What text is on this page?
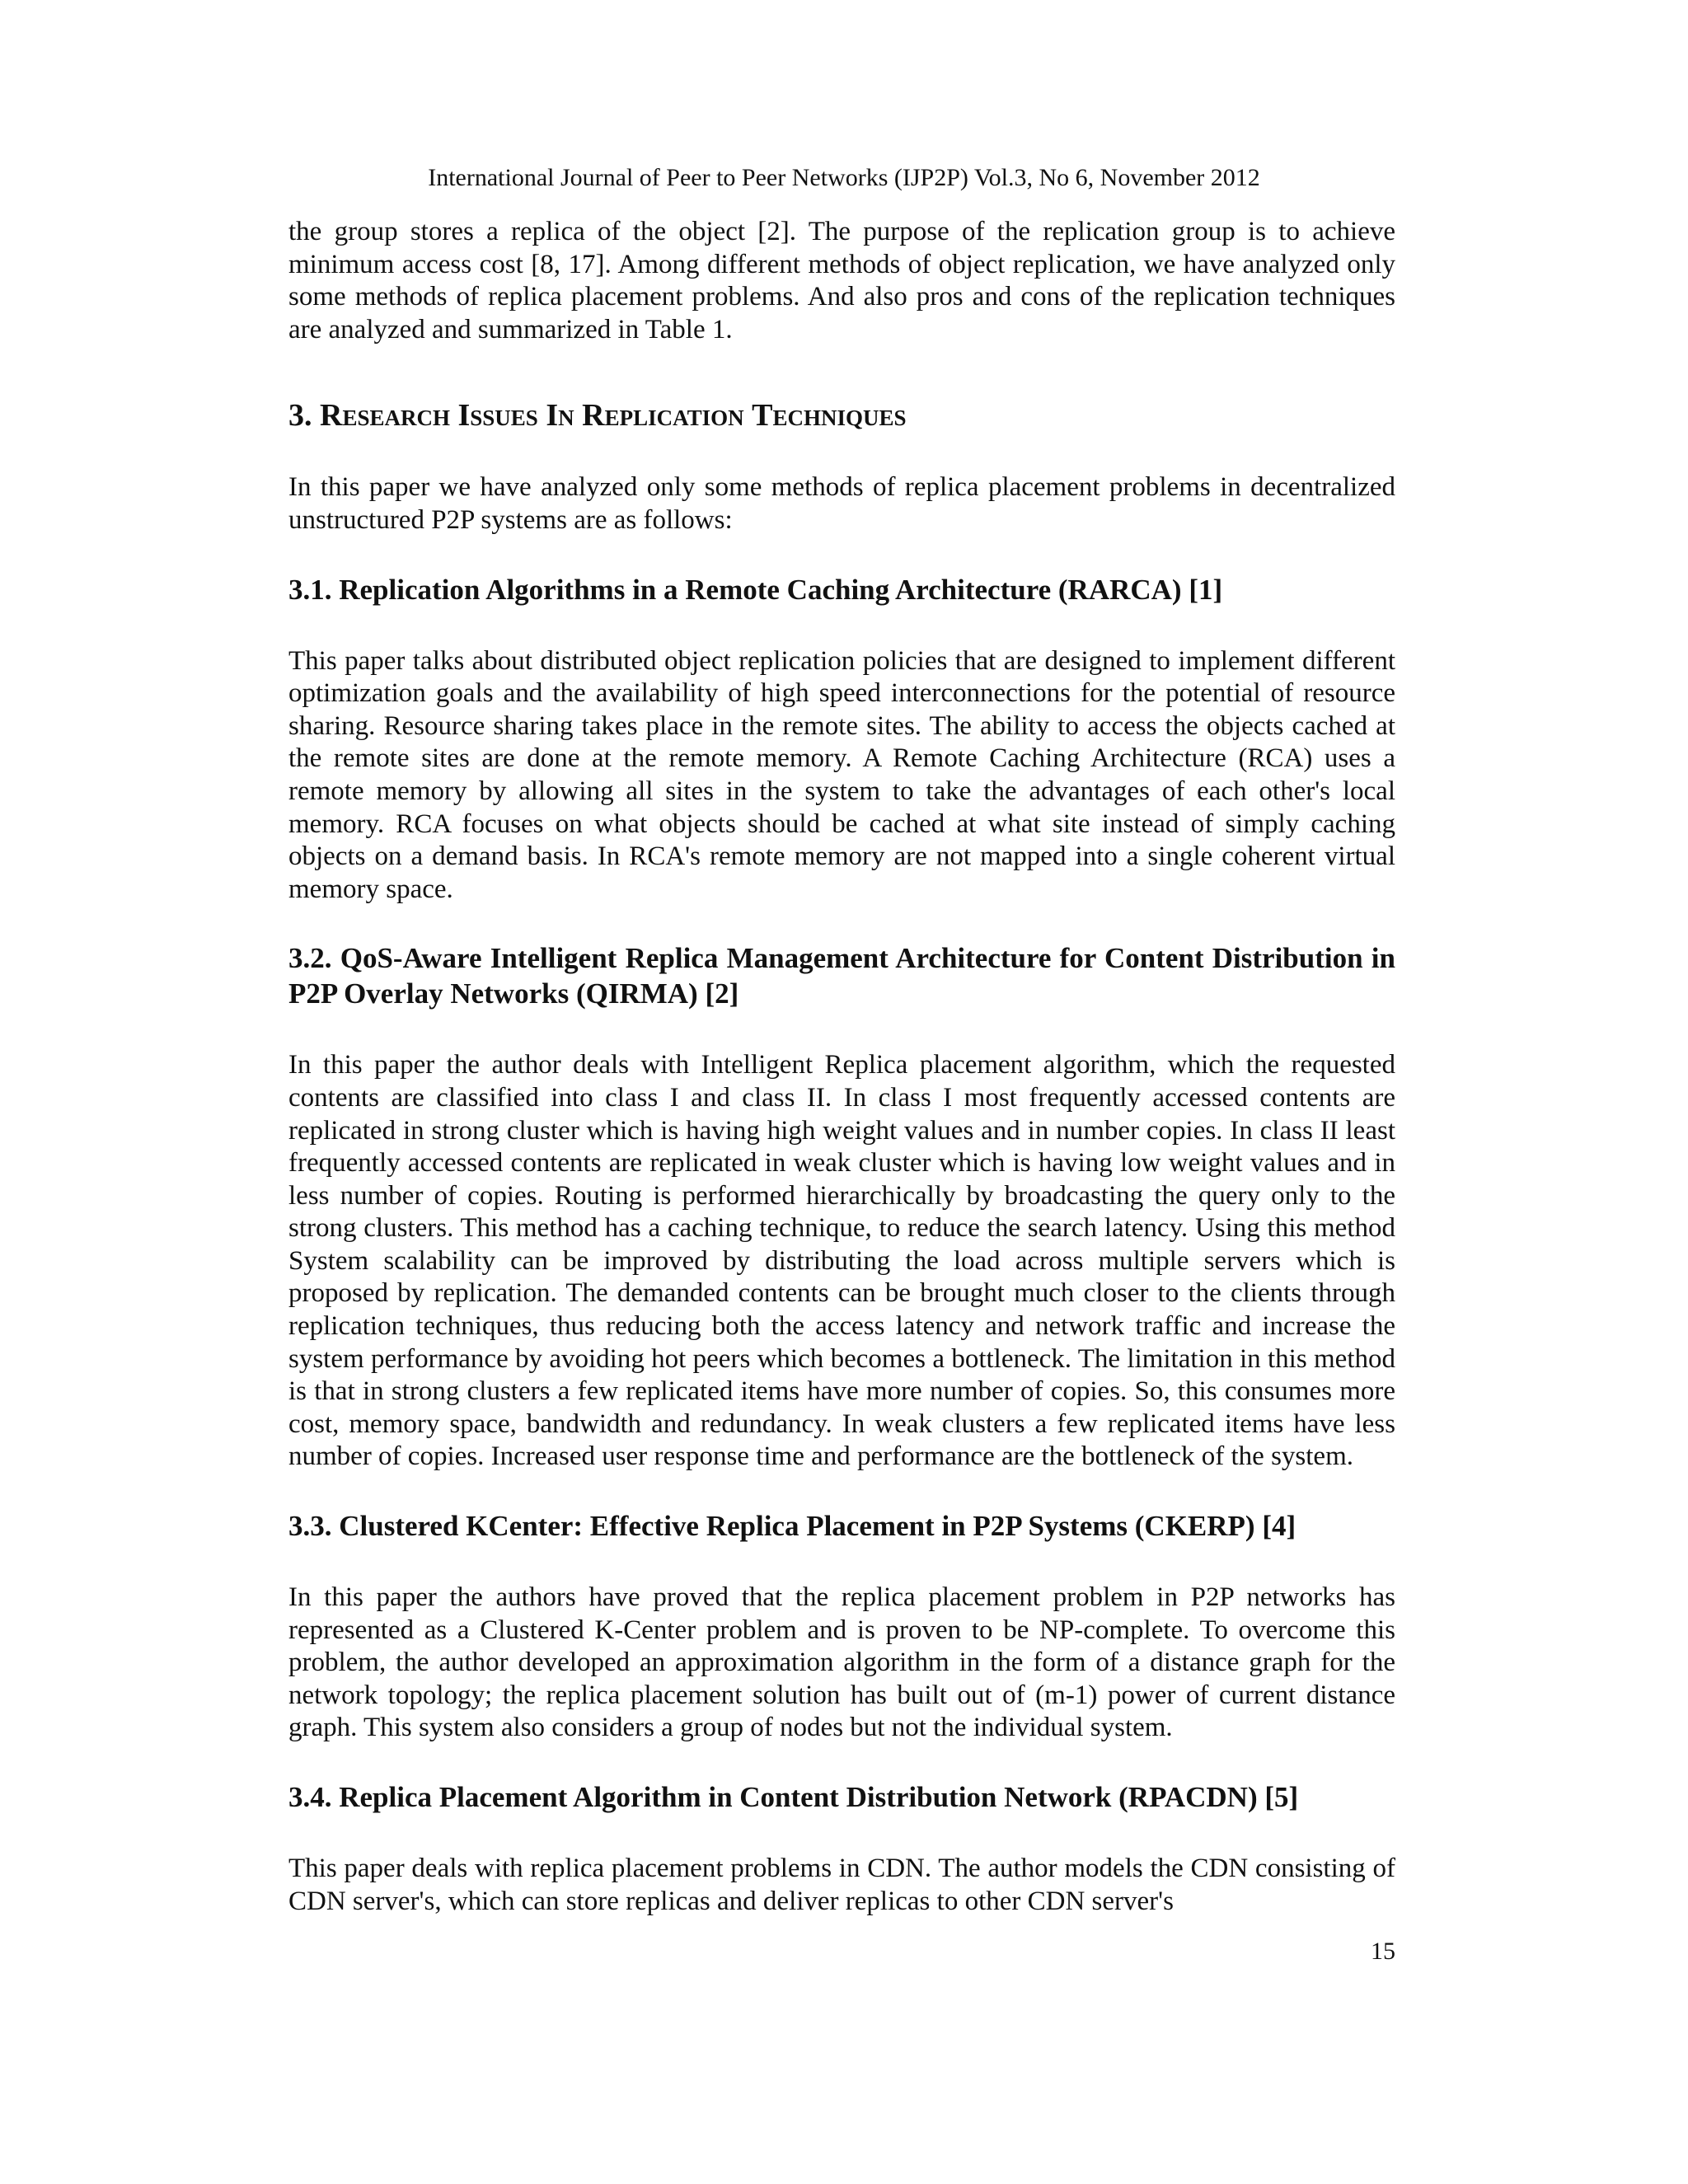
International Journal of Peer to Peer Networks (IJP2P) Vol.3, No 6, November 2012

the group stores a replica of the object [2]. The purpose of the replication group is to achieve minimum access cost [8, 17]. Among different methods of object replication, we have analyzed only some methods of replica placement problems. And also pros and cons of the replication techniques are analyzed and summarized in Table 1.

3. Research Issues In Replication Techniques

In this paper we have analyzed only some methods of replica placement problems in decentralized unstructured P2P systems are as follows:

3.1. Replication Algorithms in a Remote Caching Architecture (RARCA) [1]

This paper talks about distributed object replication policies that are designed to implement different optimization goals and the availability of high speed interconnections for the potential of resource sharing. Resource sharing takes place in the remote sites. The ability to access the objects cached at the remote sites are done at the remote memory. A Remote Caching Architecture (RCA) uses a remote memory by allowing all sites in the system to take the advantages of each other's local memory. RCA focuses on what objects should be cached at what site instead of simply caching objects on a demand basis. In RCA's remote memory are not mapped into a single coherent virtual memory space.

3.2. QoS-Aware Intelligent Replica Management Architecture for Content Distribution in P2P Overlay Networks (QIRMA) [2]

In this paper the author deals with Intelligent Replica placement algorithm, which the requested contents are classified into class I and class II. In class I most frequently accessed contents are replicated in strong cluster which is having high weight values and in number copies. In class II least frequently accessed contents are replicated in weak cluster which is having low weight values and in less number of copies. Routing is performed hierarchically by broadcasting the query only to the strong clusters. This method has a caching technique, to reduce the search latency. Using this method System scalability can be improved by distributing the load across multiple servers which is proposed by replication. The demanded contents can be brought much closer to the clients through replication techniques, thus reducing both the access latency and network traffic and increase the system performance by avoiding hot peers which becomes a bottleneck. The limitation in this method is that in strong clusters a few replicated items have more number of copies. So, this consumes more cost, memory space, bandwidth and redundancy. In weak clusters a few replicated items have less number of copies. Increased user response time and performance are the bottleneck of the system.

3.3. Clustered KCenter: Effective Replica Placement in P2P Systems (CKERP) [4]

In this paper the authors have proved that the replica placement problem in P2P networks has represented as a Clustered K-Center problem and is proven to be NP-complete. To overcome this problem, the author developed an approximation algorithm in the form of a distance graph for the network topology; the replica placement solution has built out of (m-1) power of current distance graph. This system also considers a group of nodes but not the individual system.

3.4. Replica Placement Algorithm in Content Distribution Network (RPACDN) [5]

This paper deals with replica placement problems in CDN. The author models the CDN consisting of CDN server's, which can store replicas and deliver replicas to other CDN server's

15
